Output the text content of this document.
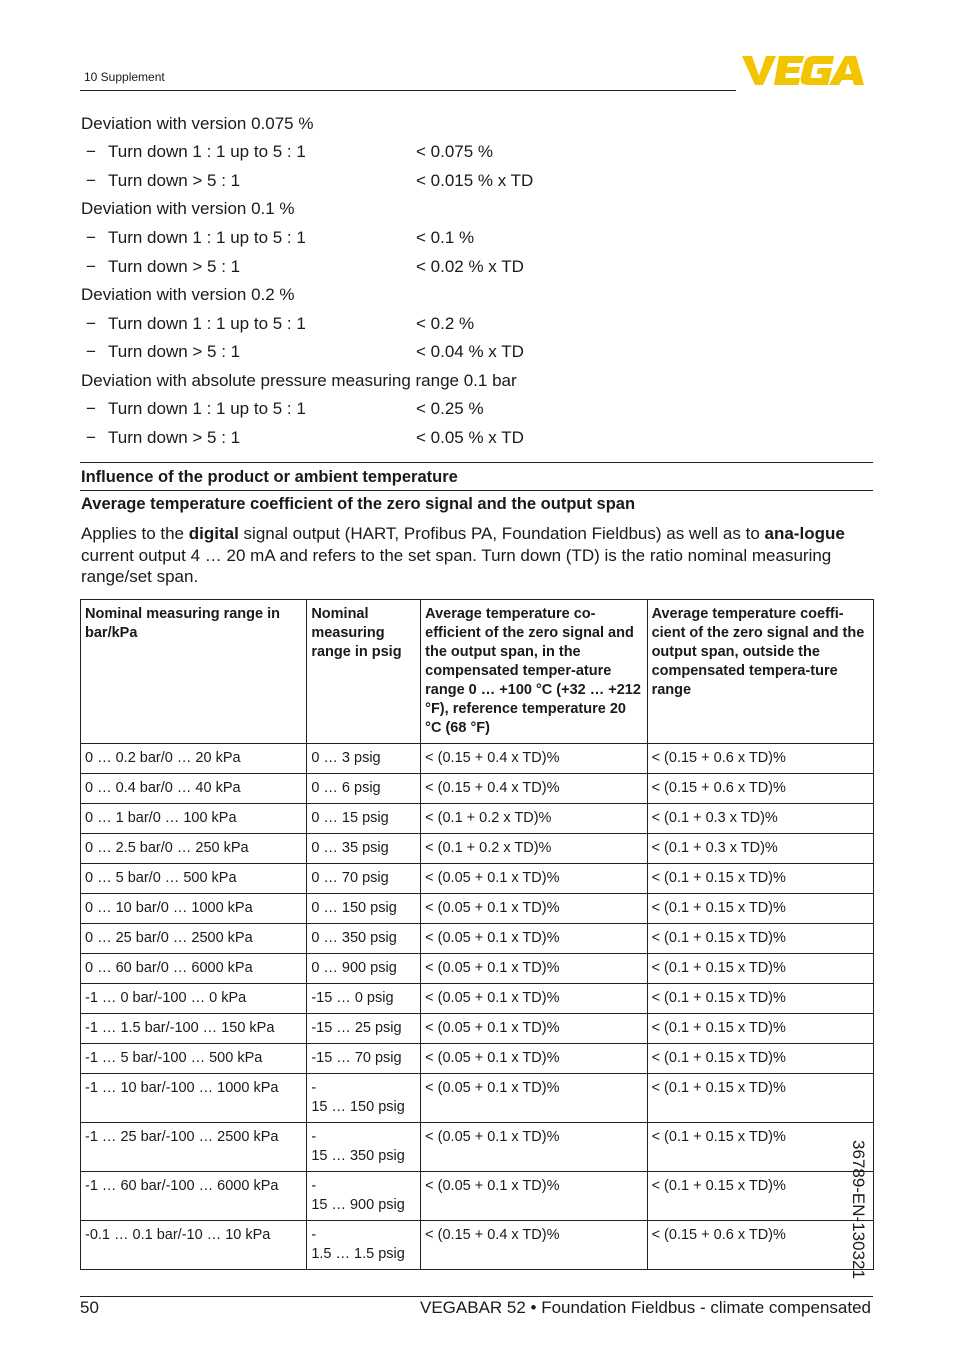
10 Supplement
Deviation with version 0.075 %
− Turn down 1 : 1 up to 5 : 1	< 0.075 %
− Turn down > 5 : 1	< 0.015 % x TD
Deviation with version 0.1 %
− Turn down 1 : 1 up to 5 : 1	< 0.1 %
− Turn down > 5 : 1	< 0.02 % x TD
Deviation with version 0.2 %
− Turn down 1 : 1 up to 5 : 1	< 0.2 %
− Turn down > 5 : 1	< 0.04 % x TD
Deviation with absolute pressure measuring range 0.1 bar
− Turn down 1 : 1 up to 5 : 1	< 0.25 %
− Turn down > 5 : 1	< 0.05 % x TD
Influence of the product or ambient temperature
Average temperature coefficient of the zero signal and the output span
Applies to the digital signal output (HART, Profibus PA, Foundation Fieldbus) as well as to ana-logue current output 4 … 20 mA and refers to the set span. Turn down (TD) is the ratio nominal measuring range/set span.
Nominal measuring range in bar/kPa	Nominal measuring range in psig	Average temperature co-efficient of the zero signal and the output span, in the compensated temper-ature range 0 … +100 °C (+32 … +212 °F), reference temperature 20 °C (68 °F)	Average temperature coeffi-cient of the zero signal and the output span, outside the compensated tempera-ture range
0 … 0.2 bar/0 … 20 kPa	0 … 3 psig	< (0.15 + 0.4 x TD)%	< (0.15 + 0.6 x TD)%
0 … 0.4 bar/0 … 40 kPa	0 … 6 psig	< (0.15 + 0.4 x TD)%	< (0.15 + 0.6 x TD)%
0 … 1 bar/0 … 100 kPa	0 … 15 psig	< (0.1 + 0.2 x TD)%	< (0.1 + 0.3 x TD)%
0 … 2.5 bar/0 … 250 kPa	0 … 35 psig	< (0.1 + 0.2 x TD)%	< (0.1 + 0.3 x TD)%
0 … 5 bar/0 … 500 kPa	0 … 70 psig	< (0.05 + 0.1 x TD)%	< (0.1 + 0.15 x TD)%
0 … 10 bar/0 … 1000 kPa	0 … 150 psig	< (0.05 + 0.1 x TD)%	< (0.1 + 0.15 x TD)%
0 … 25 bar/0 … 2500 kPa	0 … 350 psig	< (0.05 + 0.1 x TD)%	< (0.1 + 0.15 x TD)%
0 … 60 bar/0 … 6000 kPa	0 … 900 psig	< (0.05 + 0.1 x TD)%	< (0.1 + 0.15 x TD)%
-1 … 0 bar/-100 … 0 kPa	-15 … 0 psig	< (0.05 + 0.1 x TD)%	< (0.1 + 0.15 x TD)%
-1 … 1.5 bar/-100 … 150 kPa	-15 … 25 psig	< (0.05 + 0.1 x TD)%	< (0.1 + 0.15 x TD)%
-1 … 5 bar/-100 … 500 kPa	-15 … 70 psig	< (0.05 + 0.1 x TD)%	< (0.1 + 0.15 x TD)%
-1 … 10 bar/-100 … 1000 kPa	-
15 … 150 psig	< (0.05 + 0.1 x TD)%	< (0.1 + 0.15 x TD)%
-1 … 25 bar/-100 … 2500 kPa	-
15 … 350 psig	< (0.05 + 0.1 x TD)%	< (0.1 + 0.15 x TD)%
-1 … 60 bar/-100 … 6000 kPa	-
15 … 900 psig	< (0.05 + 0.1 x TD)%	< (0.1 + 0.15 x TD)%
-0.1 … 0.1 bar/-10 … 10 kPa	-
1.5 … 1.5 psig	< (0.15 + 0.4 x TD)%	< (0.15 + 0.6 x TD)%
50	VEGABAR 52 • Foundation Fieldbus - climate compensated
36789-EN-130321
